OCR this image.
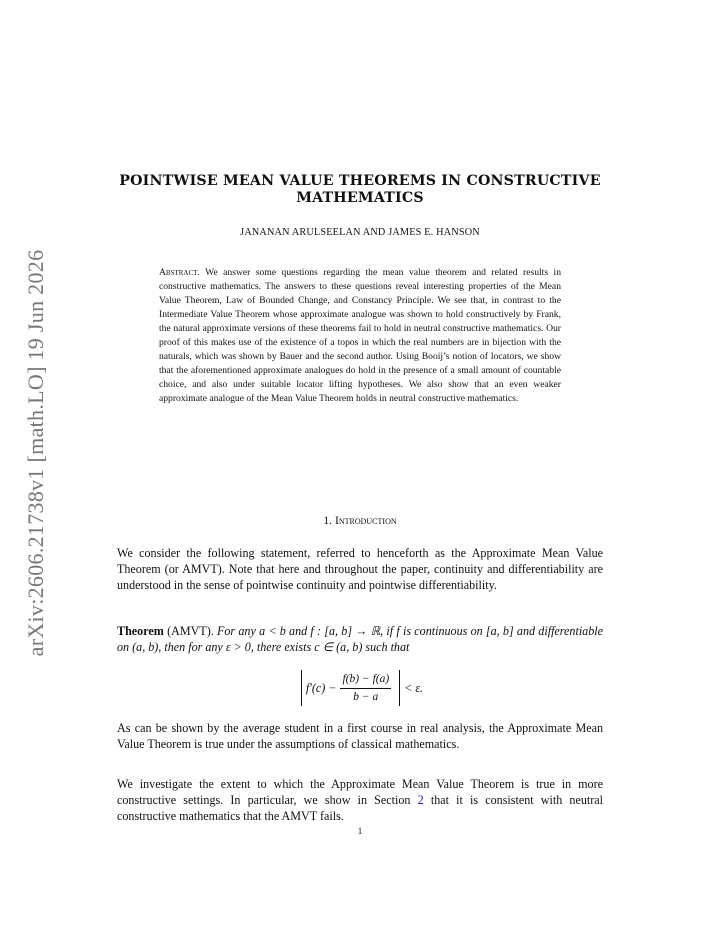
arXiv:2606.21738v1 [math.LO] 19 Jun 2026
POINTWISE MEAN VALUE THEOREMS IN CONSTRUCTIVE MATHEMATICS
JANANAN ARULSEELAN AND JAMES E. HANSON
Abstract. We answer some questions regarding the mean value theorem and related results in constructive mathematics. The answers to these questions reveal interesting properties of the Mean Value Theorem, Law of Bounded Change, and Constancy Principle. We see that, in contrast to the Intermediate Value Theorem whose approximate analogue was shown to hold constructively by Frank, the natural approximate versions of these theorems fail to hold in neutral constructive mathematics. Our proof of this makes use of the existence of a topos in which the real numbers are in bijection with the naturals, which was shown by Bauer and the second author. Using Booij’s notion of locators, we show that the aforementioned approximate analogues do hold in the presence of a small amount of countable choice, and also under suitable locator lifting hypotheses. We also show that an even weaker approximate analogue of the Mean Value Theorem holds in neutral constructive mathematics.
1. Introduction
We consider the following statement, referred to henceforth as the Approximate Mean Value Theorem (or AMVT). Note that here and throughout the paper, continuity and differentiability are understood in the sense of pointwise continuity and pointwise differentiability.
Theorem (AMVT). For any a < b and f : [a, b] → ℝ, if f is continuous on [a, b] and differentiable on (a, b), then for any ε > 0, there exists c ∈ (a, b) such that
$f'(c) - \frac{f(b) - f(a)}{b - a} < \varepsilon$.
As can be shown by the average student in a first course in real analysis, the Approximate Mean Value Theorem is true under the assumptions of classical mathematics.
We investigate the extent to which the Approximate Mean Value Theorem is true in more constructive settings. In particular, we show in Section 2 that it is consistent with neutral constructive mathematics that the AMVT fails.
1
